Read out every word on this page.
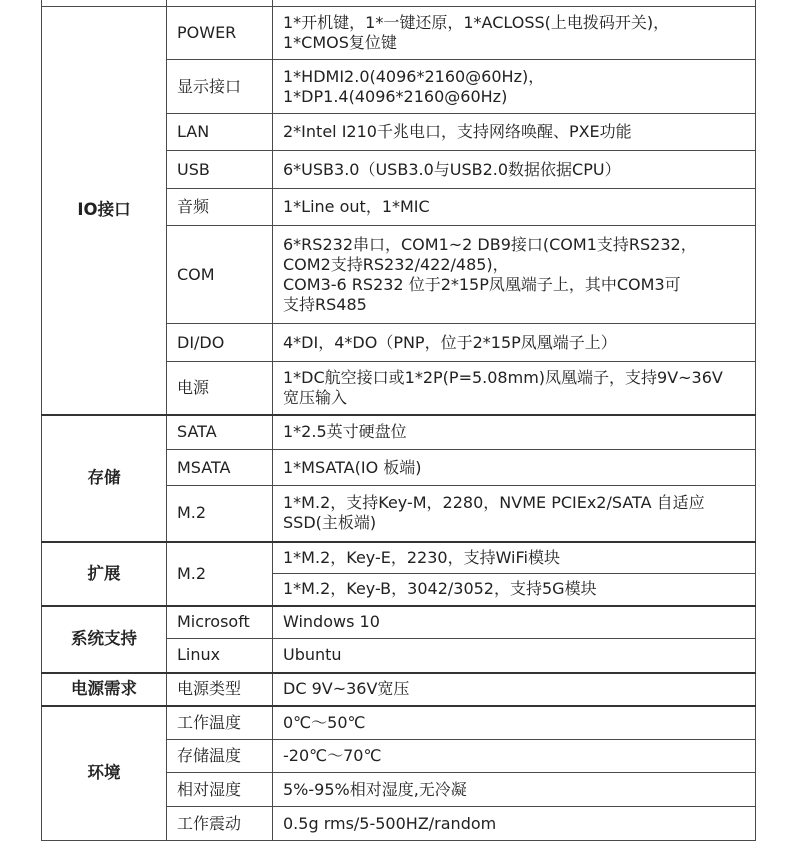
IO接口	POWER	1*开机键，1*一键还原，1*ACLOSS(上电拨码开关)，
1*CMOS复位键

	显示接口	1*HDMI2.0(4096*2160@60Hz)，
1*DP1.4(4096*2160@60Hz)

	LAN	2*Intel I210千兆电口，支持网络唤醒、PXE功能

	USB	6*USB3.0（USB3.0与USB2.0数据依据CPU）

	音频	1*Line out，1*MIC

	COM	6*RS232串口，COM1~2 DB9接口(COM1支持RS232，
COM2支持RS232/422/485)，
COM3-6 RS232 位于2*15P凤凰端子上，其中COM3可
支持RS485

	DI/DO	4*DI，4*DO（PNP，位于2*15P凤凰端子上）

	电源	1*DC航空接口或1*2P(P=5.08mm)凤凰端子，支持9V~36V
宽压输入

存储	SATA	1*2.5英寸硬盘位

	MSATA	1*MSATA(IO 板端)

	M.2	1*M.2，支持Key-M，2280，NVME PCIEx2/SATA 自适应
SSD(主板端)

扩展	M.2	1*M.2，Key-E，2230，支持WiFi模块

		1*M.2，Key-B，3042/3052，支持5G模块

系统支持	Microsoft	Windows 10

	Linux	Ubuntu

电源需求	电源类型	DC 9V~36V宽压

环境	工作温度	0℃～50℃

	存储温度	-20℃～70℃

	相对湿度	5%-95%相对湿度,无冷凝

	工作震动	0.5g rms/5-500HZ/random
